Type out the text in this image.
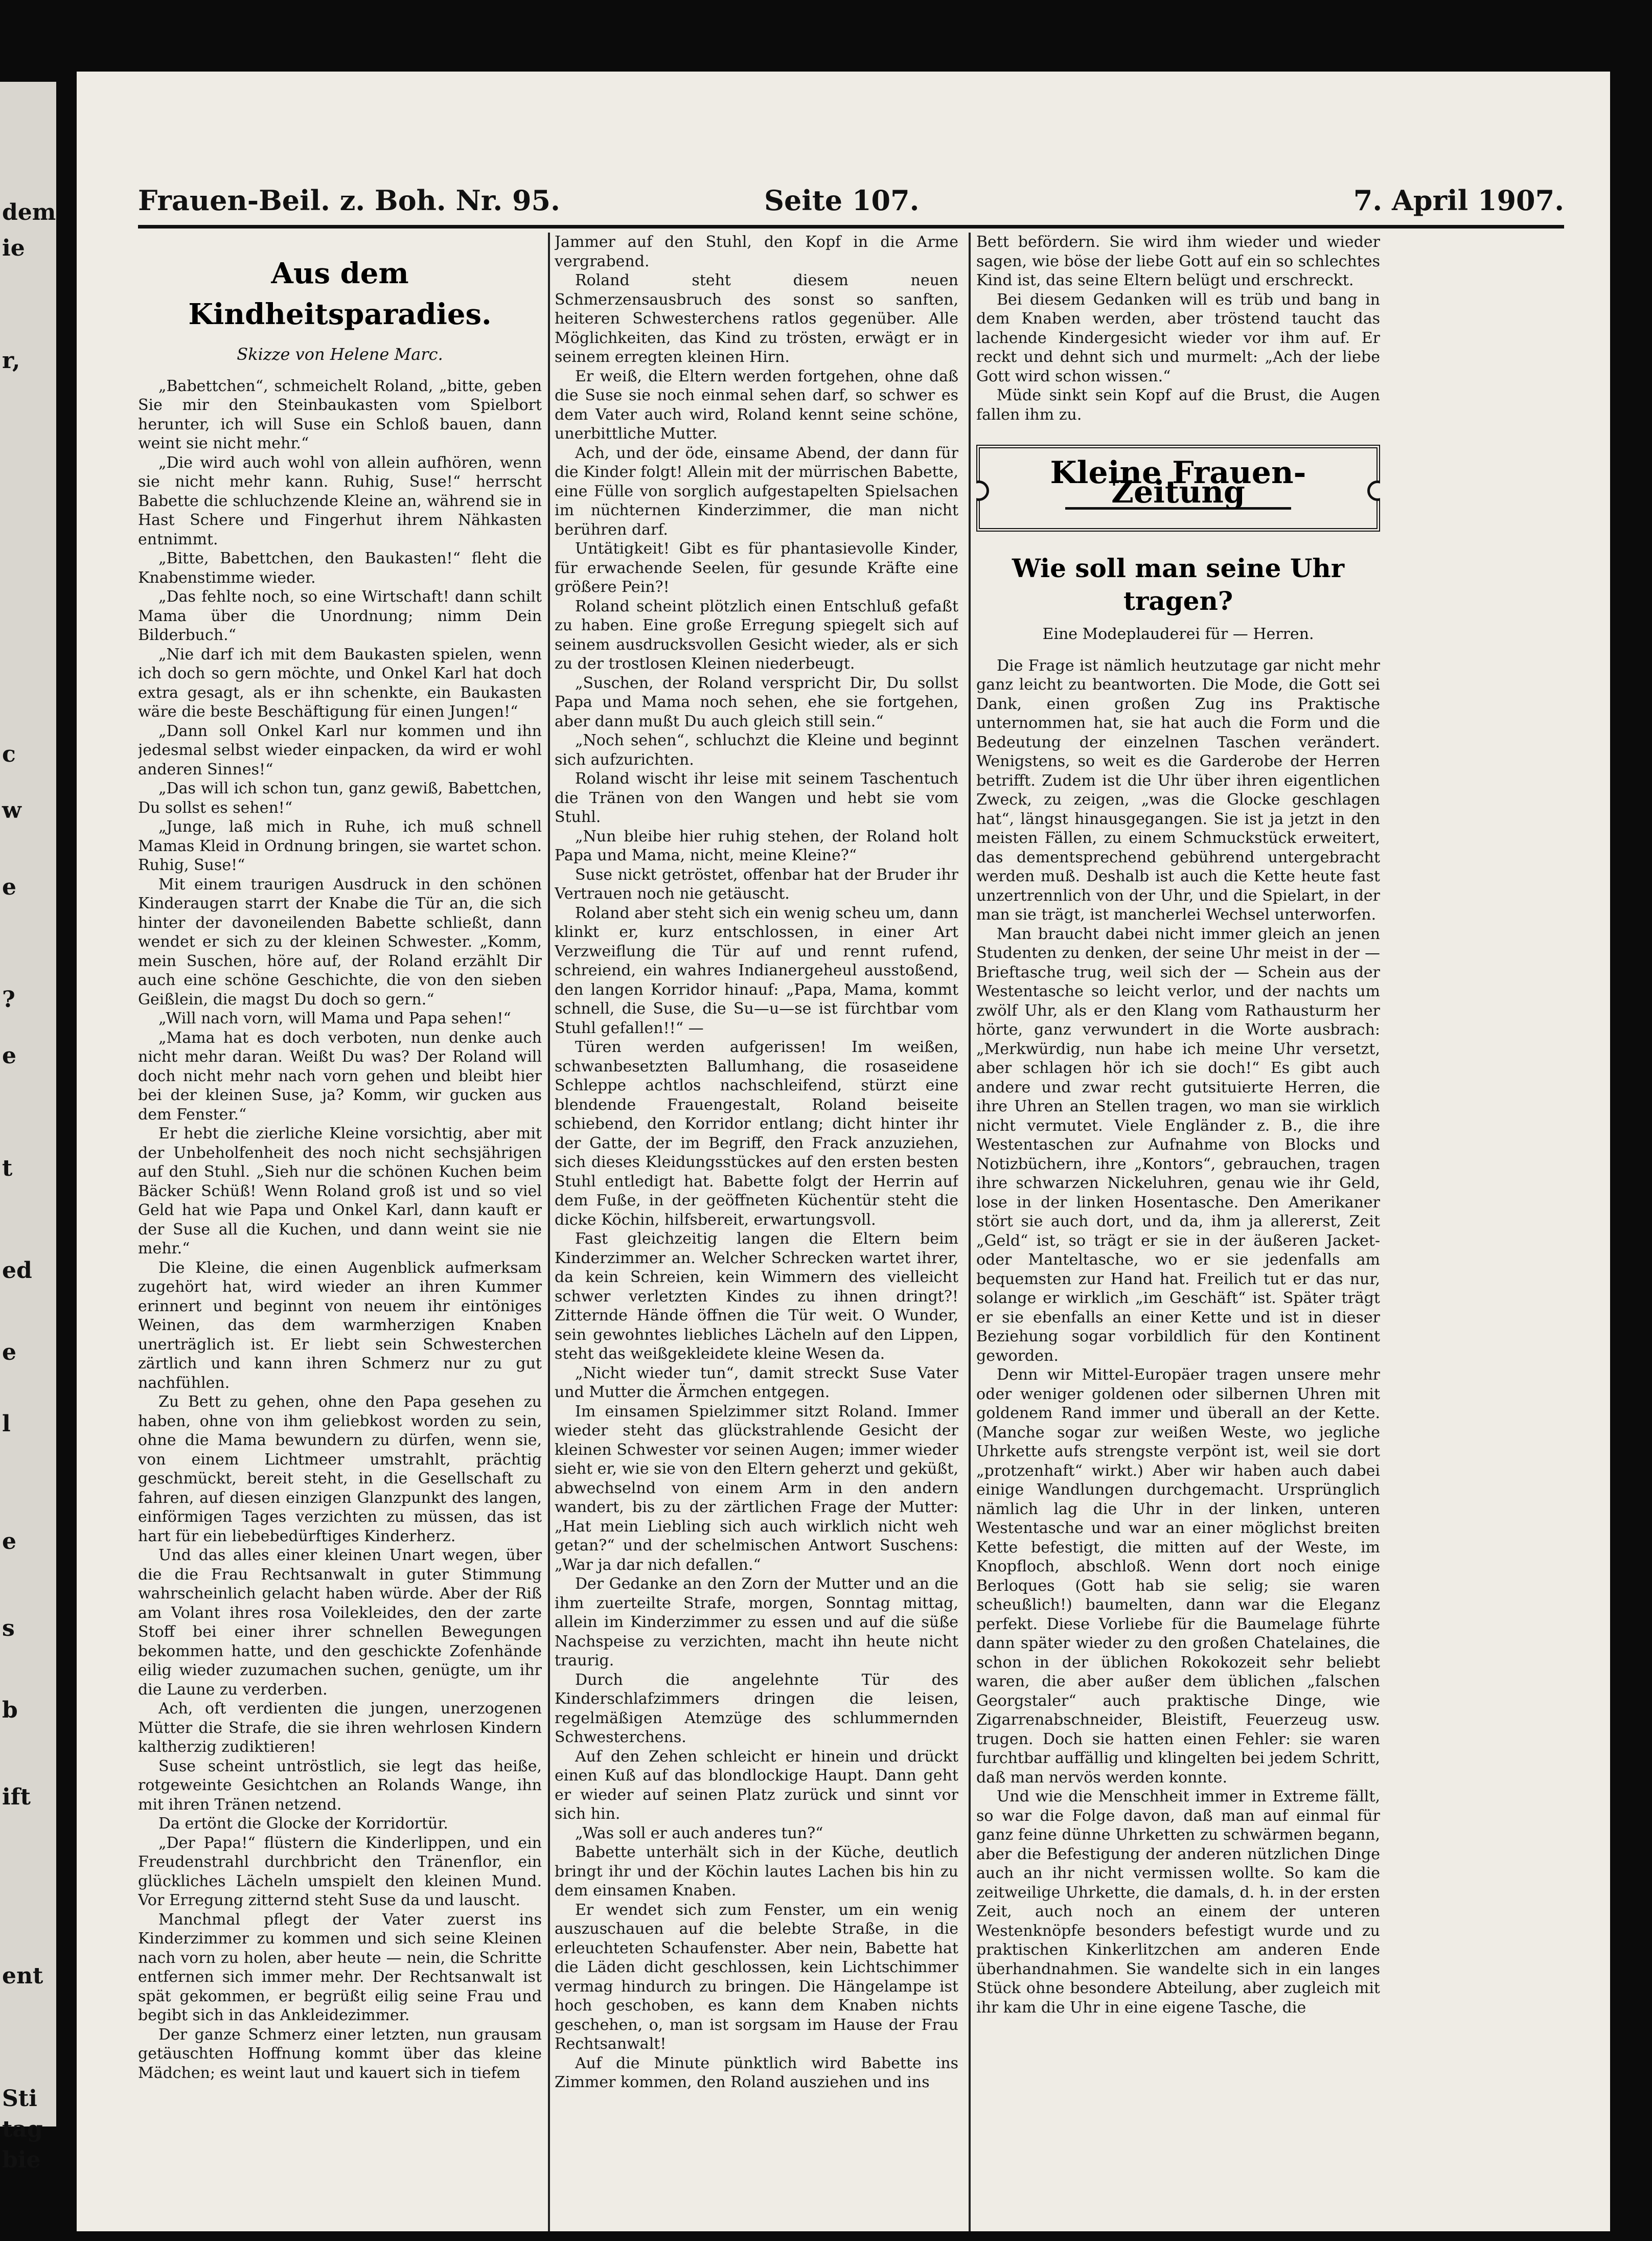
dem
ie
r,
c
w
e
?
e
t
ed
e
l
e
s
b
ift
ent
Sti
tag
bie
Frauen-Beil. z. Boh. Nr. 95.	Seite 107.	7. April 1907.
Aus dem Kindheitsparadies.
Skizze von Helene Marc.

„Babettchen“, schmeichelt Roland, „bitte, geben Sie mir den Steinbaukasten vom Spielbort herunter, ich will Suse ein Schloß bauen, dann weint sie nicht mehr.“

„Die wird auch wohl von allein aufhören, wenn sie nicht mehr kann. Ruhig, Suse!“ herrscht Babette die schluchzende Kleine an, während sie in Hast Schere und Fingerhut ihrem Nähkasten entnimmt.

„Bitte, Babettchen, den Baukasten!“ fleht die Knabenstimme wieder.

„Das fehlte noch, so eine Wirtschaft! dann schilt Mama über die Unordnung; nimm Dein Bilderbuch.“

„Nie darf ich mit dem Baukasten spielen, wenn ich doch so gern möchte, und Onkel Karl hat doch extra gesagt, als er ihn schenkte, ein Baukasten wäre die beste Beschäftigung für einen Jungen!“

„Dann soll Onkel Karl nur kommen und ihn jedesmal selbst wieder einpacken, da wird er wohl anderen Sinnes!“

„Das will ich schon tun, ganz gewiß, Babettchen, Du sollst es sehen!“

„Junge, laß mich in Ruhe, ich muß schnell Mamas Kleid in Ordnung bringen, sie wartet schon. Ruhig, Suse!“

Mit einem traurigen Ausdruck in den schönen Kinderaugen starrt der Knabe die Tür an, die sich hinter der davoneilenden Babette schließt, dann wendet er sich zu der kleinen Schwester. „Komm, mein Suschen, höre auf, der Roland erzählt Dir auch eine schöne Geschichte, die von den sieben Geißlein, die magst Du doch so gern.“

„Will nach vorn, will Mama und Papa sehen!“

„Mama hat es doch verboten, nun denke auch nicht mehr daran. Weißt Du was? Der Roland will doch nicht mehr nach vorn gehen und bleibt hier bei der kleinen Suse, ja? Komm, wir gucken aus dem Fenster.“

Er hebt die zierliche Kleine vorsichtig, aber mit der Unbeholfenheit des noch nicht sechsjährigen auf den Stuhl. „Sieh nur die schönen Kuchen beim Bäcker Schüß! Wenn Roland groß ist und so viel Geld hat wie Papa und Onkel Karl, dann kauft er der Suse all die Kuchen, und dann weint sie nie mehr.“

Die Kleine, die einen Augenblick aufmerksam zugehört hat, wird wieder an ihren Kummer erinnert und beginnt von neuem ihr eintöniges Weinen, das dem warmherzigen Knaben unerträglich ist. Er liebt sein Schwesterchen zärtlich und kann ihren Schmerz nur zu gut nachfühlen.

Zu Bett zu gehen, ohne den Papa gesehen zu haben, ohne von ihm geliebkost worden zu sein, ohne die Mama bewundern zu dürfen, wenn sie, von einem Lichtmeer umstrahlt, prächtig geschmückt, bereit steht, in die Gesellschaft zu fahren, auf diesen einzigen Glanzpunkt des langen, einförmigen Tages verzichten zu müssen, das ist hart für ein liebebedürftiges Kinderherz.

Und das alles einer kleinen Unart wegen, über die die Frau Rechtsanwalt in guter Stimmung wahrscheinlich gelacht haben würde. Aber der Riß am Volant ihres rosa Voilekleides, den der zarte Stoff bei einer ihrer schnellen Bewegungen bekommen hatte, und den geschickte Zofenhände eilig wieder zuzumachen suchen, genügte, um ihr die Laune zu verderben.

Ach, oft verdienten die jungen, unerzogenen Mütter die Strafe, die sie ihren wehrlosen Kindern kaltherzig zudiktieren!

Suse scheint untröstlich, sie legt das heiße, rotgeweinte Gesichtchen an Rolands Wange, ihn mit ihren Tränen netzend.

Da ertönt die Glocke der Korridortür.

„Der Papa!“ flüstern die Kinderlippen, und ein Freudenstrahl durchbricht den Tränenflor, ein glückliches Lächeln umspielt den kleinen Mund. Vor Erregung zitternd steht Suse da und lauscht.

Manchmal pflegt der Vater zuerst ins Kinderzimmer zu kommen und sich seine Kleinen nach vorn zu holen, aber heute — nein, die Schritte entfernen sich immer mehr. Der Rechtsanwalt ist spät gekommen, er begrüßt eilig seine Frau und begibt sich in das Ankleidezimmer.

Der ganze Schmerz einer letzten, nun grausam getäuschten Hoffnung kommt über das kleine Mädchen; es weint laut und kauert sich in tiefem

Jammer auf den Stuhl, den Kopf in die Arme vergrabend.

Roland steht diesem neuen Schmerzensausbruch des sonst so sanften, heiteren Schwesterchens ratlos gegenüber. Alle Möglichkeiten, das Kind zu trösten, erwägt er in seinem erregten kleinen Hirn.

Er weiß, die Eltern werden fortgehen, ohne daß die Suse sie noch einmal sehen darf, so schwer es dem Vater auch wird, Roland kennt seine schöne, unerbittliche Mutter.

Ach, und der öde, einsame Abend, der dann für die Kinder folgt! Allein mit der mürrischen Babette, eine Fülle von sorglich aufgestapelten Spielsachen im nüchternen Kinderzimmer, die man nicht berühren darf.

Untätigkeit! Gibt es für phantasievolle Kinder, für erwachende Seelen, für gesunde Kräfte eine größere Pein?!

Roland scheint plötzlich einen Entschluß gefaßt zu haben. Eine große Erregung spiegelt sich auf seinem ausdrucksvollen Gesicht wieder, als er sich zu der trostlosen Kleinen niederbeugt.

„Suschen, der Roland verspricht Dir, Du sollst Papa und Mama noch sehen, ehe sie fortgehen, aber dann mußt Du auch gleich still sein.“

„Noch sehen“, schluchzt die Kleine und beginnt sich aufzurichten.

Roland wischt ihr leise mit seinem Taschentuch die Tränen von den Wangen und hebt sie vom Stuhl.

„Nun bleibe hier ruhig stehen, der Roland holt Papa und Mama, nicht, meine Kleine?“

Suse nickt getröstet, offenbar hat der Bruder ihr Vertrauen noch nie getäuscht.

Roland aber steht sich ein wenig scheu um, dann klinkt er, kurz entschlossen, in einer Art Verzweiflung die Tür auf und rennt rufend, schreiend, ein wahres Indianergeheul ausstoßend, den langen Korridor hinauf: „Papa, Mama, kommt schnell, die Suse, die Su—u—se ist fürchtbar vom Stuhl gefallen!!“ —

Türen werden aufgerissen! Im weißen, schwanbesetzten Ballumhang, die rosaseidene Schleppe achtlos nachschleifend, stürzt eine blendende Frauengestalt, Roland beiseite schiebend, den Korridor entlang; dicht hinter ihr der Gatte, der im Begriff, den Frack anzuziehen, sich dieses Kleidungsstückes auf den ersten besten Stuhl entledigt hat. Babette folgt der Herrin auf dem Fuße, in der geöffneten Küchentür steht die dicke Köchin, hilfsbereit, erwartungsvoll.

Fast gleichzeitig langen die Eltern beim Kinderzimmer an. Welcher Schrecken wartet ihrer, da kein Schreien, kein Wimmern des vielleicht schwer verletzten Kindes zu ihnen dringt?! Zitternde Hände öffnen die Tür weit. O Wunder, sein gewohntes liebliches Lächeln auf den Lippen, steht das weißgekleidete kleine Wesen da.

„Nicht wieder tun“, damit streckt Suse Vater und Mutter die Ärmchen entgegen.

Im einsamen Spielzimmer sitzt Roland. Immer wieder steht das glückstrahlende Gesicht der kleinen Schwester vor seinen Augen; immer wieder sieht er, wie sie von den Eltern geherzt und geküßt, abwechselnd von einem Arm in den andern wandert, bis zu der zärtlichen Frage der Mutter: „Hat mein Liebling sich auch wirklich nicht weh getan?“ und der schelmischen Antwort Suschens: „War ja dar nich defallen.“

Der Gedanke an den Zorn der Mutter und an die ihm zuerteilte Strafe, morgen, Sonntag mittag, allein im Kinderzimmer zu essen und auf die süße Nachspeise zu verzichten, macht ihn heute nicht traurig.

Durch die angelehnte Tür des Kinderschlafzimmers dringen die leisen, regelmäßigen Atemzüge des schlummernden Schwesterchens.

Auf den Zehen schleicht er hinein und drückt einen Kuß auf das blondlockige Haupt. Dann geht er wieder auf seinen Platz zurück und sinnt vor sich hin.

„Was soll er auch anderes tun?“

Babette unterhält sich in der Küche, deutlich bringt ihr und der Köchin lautes Lachen bis hin zu dem einsamen Knaben.

Er wendet sich zum Fenster, um ein wenig auszuschauen auf die belebte Straße, in die erleuchteten Schaufenster. Aber nein, Babette hat die Läden dicht geschlossen, kein Lichtschimmer vermag hindurch zu bringen. Die Hängelampe ist hoch geschoben, es kann dem Knaben nichts geschehen, o, man ist sorgsam im Hause der Frau Rechtsanwalt!

Auf die Minute pünktlich wird Babette ins Zimmer kommen, den Roland ausziehen und ins

Bett befördern. Sie wird ihm wieder und wieder sagen, wie böse der liebe Gott auf ein so schlechtes Kind ist, das seine Eltern belügt und erschreckt.

Bei diesem Gedanken will es trüb und bang in dem Knaben werden, aber tröstend taucht das lachende Kindergesicht wieder vor ihm auf. Er reckt und dehnt sich und murmelt: „Ach der liebe Gott wird schon wissen.“

Müde sinkt sein Kopf auf die Brust, die Augen fallen ihm zu.

Kleine Frauen-Zeitung
Wie soll man seine Uhr tragen?
Eine Modeplauderei für — Herren.

Die Frage ist nämlich heutzutage gar nicht mehr ganz leicht zu beantworten. Die Mode, die Gott sei Dank, einen großen Zug ins Praktische unternommen hat, sie hat auch die Form und die Bedeutung der einzelnen Taschen verändert. Wenigstens, so weit es die Garderobe der Herren betrifft. Zudem ist die Uhr über ihren eigentlichen Zweck, zu zeigen, „was die Glocke geschlagen hat“, längst hinausgegangen. Sie ist ja jetzt in den meisten Fällen, zu einem Schmuckstück erweitert, das dementsprechend gebührend untergebracht werden muß. Deshalb ist auch die Kette heute fast unzertrennlich von der Uhr, und die Spielart, in der man sie trägt, ist mancherlei Wechsel unterworfen.

Man braucht dabei nicht immer gleich an jenen Studenten zu denken, der seine Uhr meist in der — Brieftasche trug, weil sich der — Schein aus der Westentasche so leicht verlor, und der nachts um zwölf Uhr, als er den Klang vom Rathausturm her hörte, ganz verwundert in die Worte ausbrach: „Merkwürdig, nun habe ich meine Uhr versetzt, aber schlagen hör ich sie doch!“ Es gibt auch andere und zwar recht gutsituierte Herren, die ihre Uhren an Stellen tragen, wo man sie wirklich nicht vermutet. Viele Engländer z. B., die ihre Westentaschen zur Aufnahme von Blocks und Notizbüchern, ihre „Kontors“, gebrauchen, tragen ihre schwarzen Nickeluhren, genau wie ihr Geld, lose in der linken Hosentasche. Den Amerikaner stört sie auch dort, und da, ihm ja allererst, Zeit „Geld“ ist, so trägt er sie in der äußeren Jacket- oder Manteltasche, wo er sie jedenfalls am bequemsten zur Hand hat. Freilich tut er das nur, solange er wirklich „im Geschäft“ ist. Später trägt er sie ebenfalls an einer Kette und ist in dieser Beziehung sogar vorbildlich für den Kontinent geworden.

Denn wir Mittel-Europäer tragen unsere mehr oder weniger goldenen oder silbernen Uhren mit goldenem Rand immer und überall an der Kette. (Manche sogar zur weißen Weste, wo jegliche Uhrkette aufs strengste verpönt ist, weil sie dort „protzenhaft“ wirkt.) Aber wir haben auch dabei einige Wandlungen durchgemacht. Ursprünglich nämlich lag die Uhr in der linken, unteren Westentasche und war an einer möglichst breiten Kette befestigt, die mitten auf der Weste, im Knopfloch, abschloß. Wenn dort noch einige Berloques (Gott hab sie selig; sie waren scheußlich!) baumelten, dann war die Eleganz perfekt. Diese Vorliebe für die Baumelage führte dann später wieder zu den großen Chatelaines, die schon in der üblichen Rokokozeit sehr beliebt waren, die aber außer dem üblichen „falschen Georgstaler“ auch praktische Dinge, wie Zigarrenabschneider, Bleistift, Feuerzeug usw. trugen. Doch sie hatten einen Fehler: sie waren furchtbar auffällig und klingelten bei jedem Schritt, daß man nervös werden konnte.

Und wie die Menschheit immer in Extreme fällt, so war die Folge davon, daß man auf einmal für ganz feine dünne Uhrketten zu schwärmen begann, aber die Befestigung der anderen nützlichen Dinge auch an ihr nicht vermissen wollte. So kam die zeitweilige Uhrkette, die damals, d. h. in der ersten Zeit, auch noch an einem der unteren Westenknöpfe besonders befestigt wurde und zu praktischen Kinkerlitzchen am anderen Ende überhandnahmen. Sie wandelte sich in ein langes Stück ohne besondere Abteilung, aber zugleich mit ihr kam die Uhr in eine eigene Tasche, die
